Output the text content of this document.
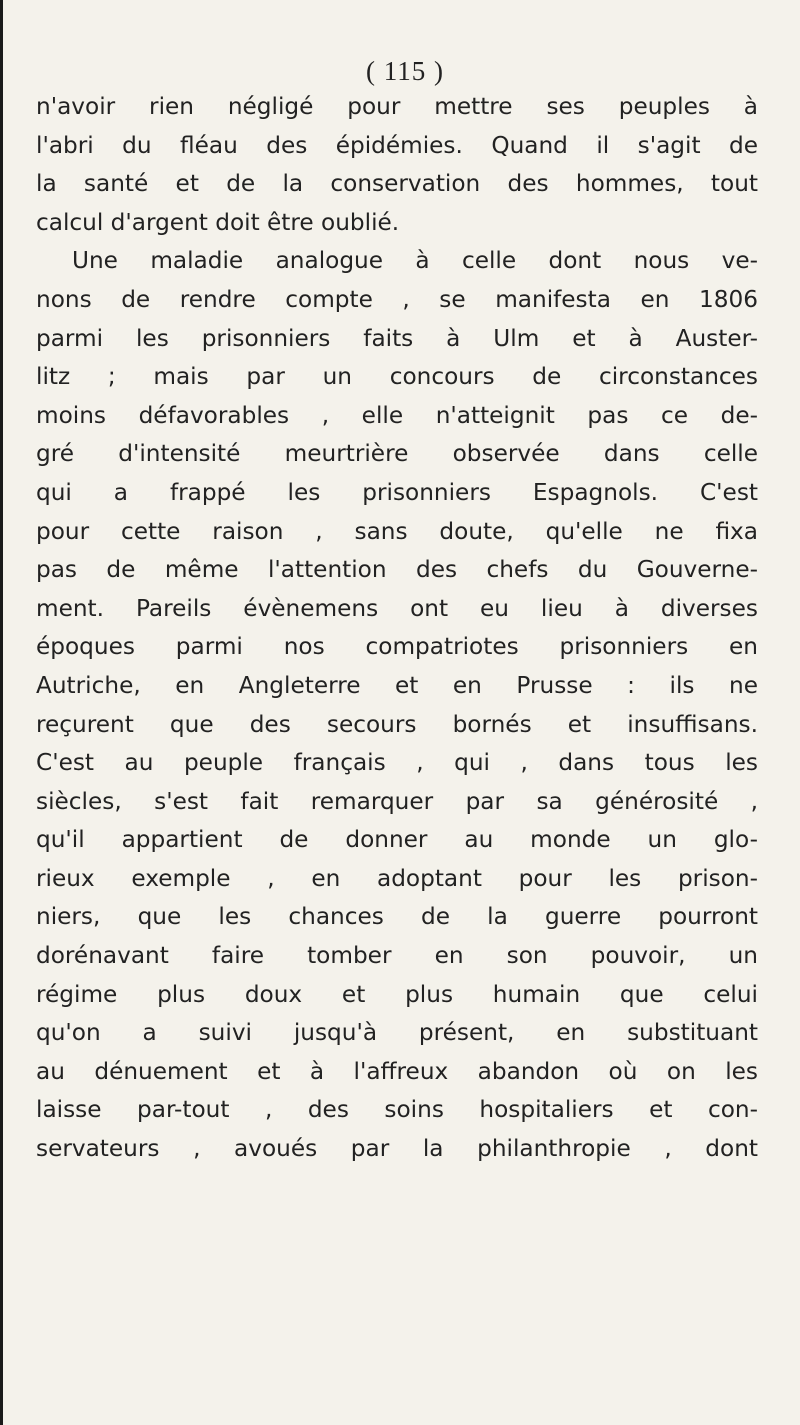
( 115 )
n'avoir rien négligé pour mettre ses peuples à
l'abri du fléau des épidémies. Quand il s'agit de
la santé et de la conservation des hommes, tout
calcul d'argent doit être oublié.
Une maladie analogue à celle dont nous ve-
nons de rendre compte , se manifesta en 1806
parmi les prisonniers faits à Ulm et à Auster-
litz ; mais par un concours de circonstances
moins défavorables , elle n'atteignit pas ce de-
gré d'intensité meurtrière observée dans celle
qui a frappé les prisonniers Espagnols. C'est
pour cette raison , sans doute, qu'elle ne fixa
pas de même l'attention des chefs du Gouverne-
ment. Pareils évènemens ont eu lieu à diverses
époques parmi nos compatriotes prisonniers en
Autriche, en Angleterre et en Prusse : ils ne
reçurent que des secours bornés et insuffisans.
C'est au peuple français , qui , dans tous les
siècles, s'est fait remarquer par sa générosité ,
qu'il appartient de donner au monde un glo-
rieux exemple , en adoptant pour les prison-
niers, que les chances de la guerre pourront
dorénavant faire tomber en son pouvoir, un
régime plus doux et plus humain que celui
qu'on a suivi jusqu'à présent, en substituant
au dénuement et à l'affreux abandon où on les
laisse par-tout , des soins hospitaliers et con-
servateurs , avoués par la philanthropie , dont
